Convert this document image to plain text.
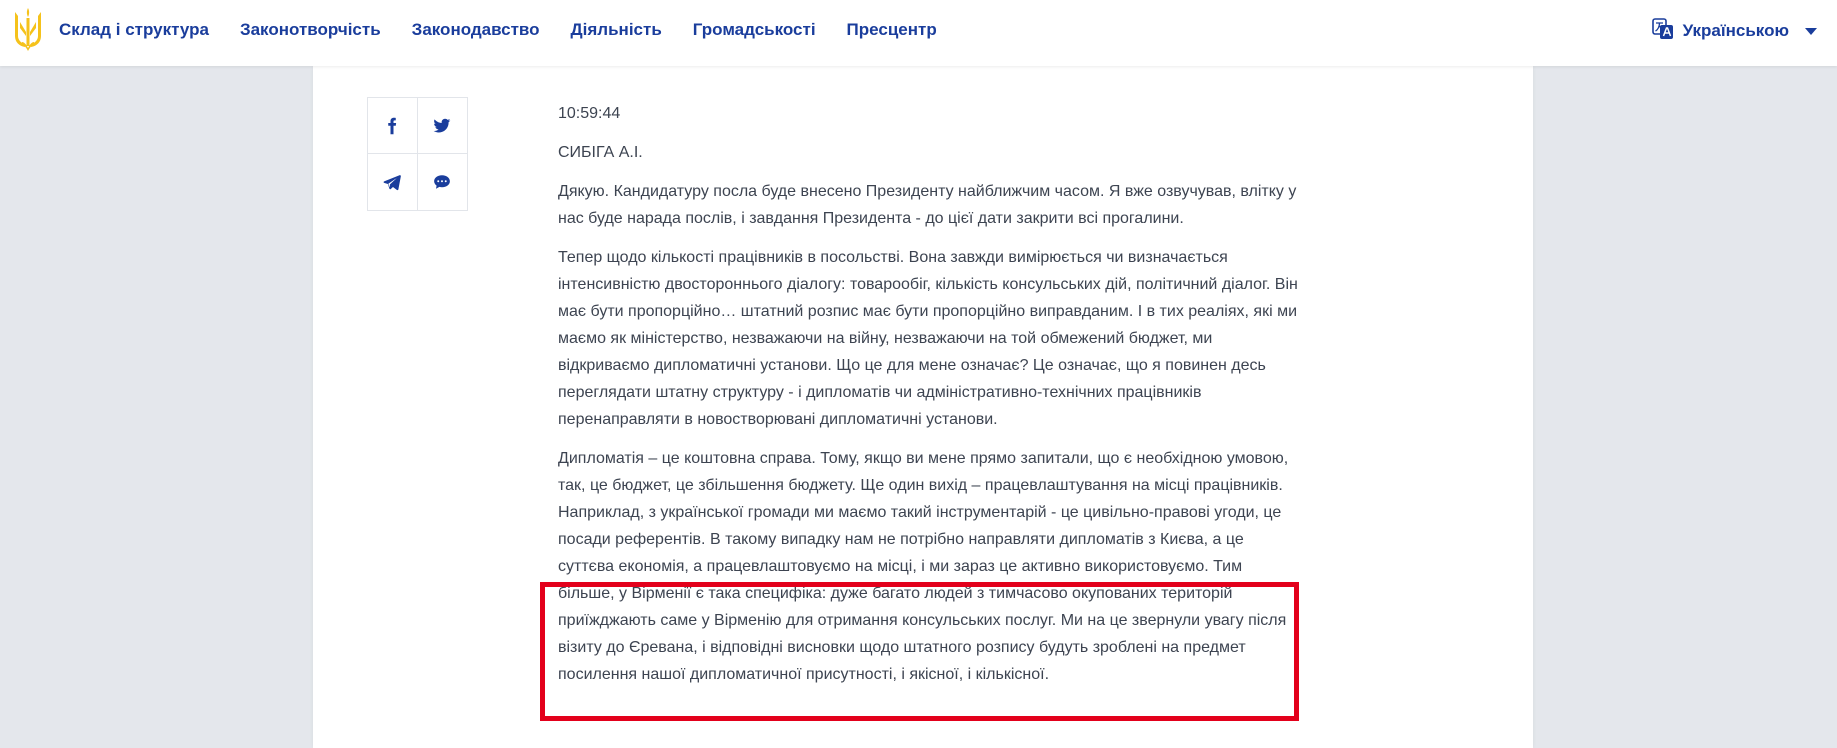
Склад і структура Законотворчість Законодавство Діяльність Громадськості Пресцентр	Українською
10:59:44
СИБІГА А.І.

Дякую. Кандидатуру посла буде внесено Президенту найближчим часом. Я вже озвучував, влітку у нас буде нарада послів, і завдання Президента - до цієї дати закрити всі прогалини.

Тепер щодо кількості працівників в посольстві. Вона завжди вимірюється чи визначається інтенсивністю двостороннього діалогу: товарообіг, кількість консульських дій, політичний діалог. Він має бути пропорційно… штатний розпис має бути пропорційно виправданим. І в тих реаліях, які ми маємо як міністерство, незважаючи на війну, незважаючи на той обмежений бюджет, ми відкриваємо дипломатичні установи. Що це для мене означає? Це означає, що я повинен десь переглядати штатну структуру - і дипломатів чи адміністративно-технічних працівників перенаправляти в новостворювані дипломатичні установи.

Дипломатія – це коштовна справа. Тому, якщо ви мене прямо запитали, що є необхідною умовою, так, це бюджет, це збільшення бюджету. Ще один вихід – працевлаштування на місці працівників. Наприклад, з української громади ми маємо такий інструментарій - це цивільно-правові угоди, це посади референтів. В такому випадку нам не потрібно направляти дипломатів з Києва, а це суттєва економія, а працевлаштовуємо на місці, і ми зараз це активно використовуємо. Тим більше, у Вірменії є така специфіка: дуже багато людей з тимчасово окупованих територій приїжджають саме у Вірменію для отримання консульських послуг. Ми на це звернули увагу після візиту до Єревана, і відповідні висновки щодо штатного розпису будуть зроблені на предмет посилення нашої дипломатичної присутності, і якісної, і кількісної.
